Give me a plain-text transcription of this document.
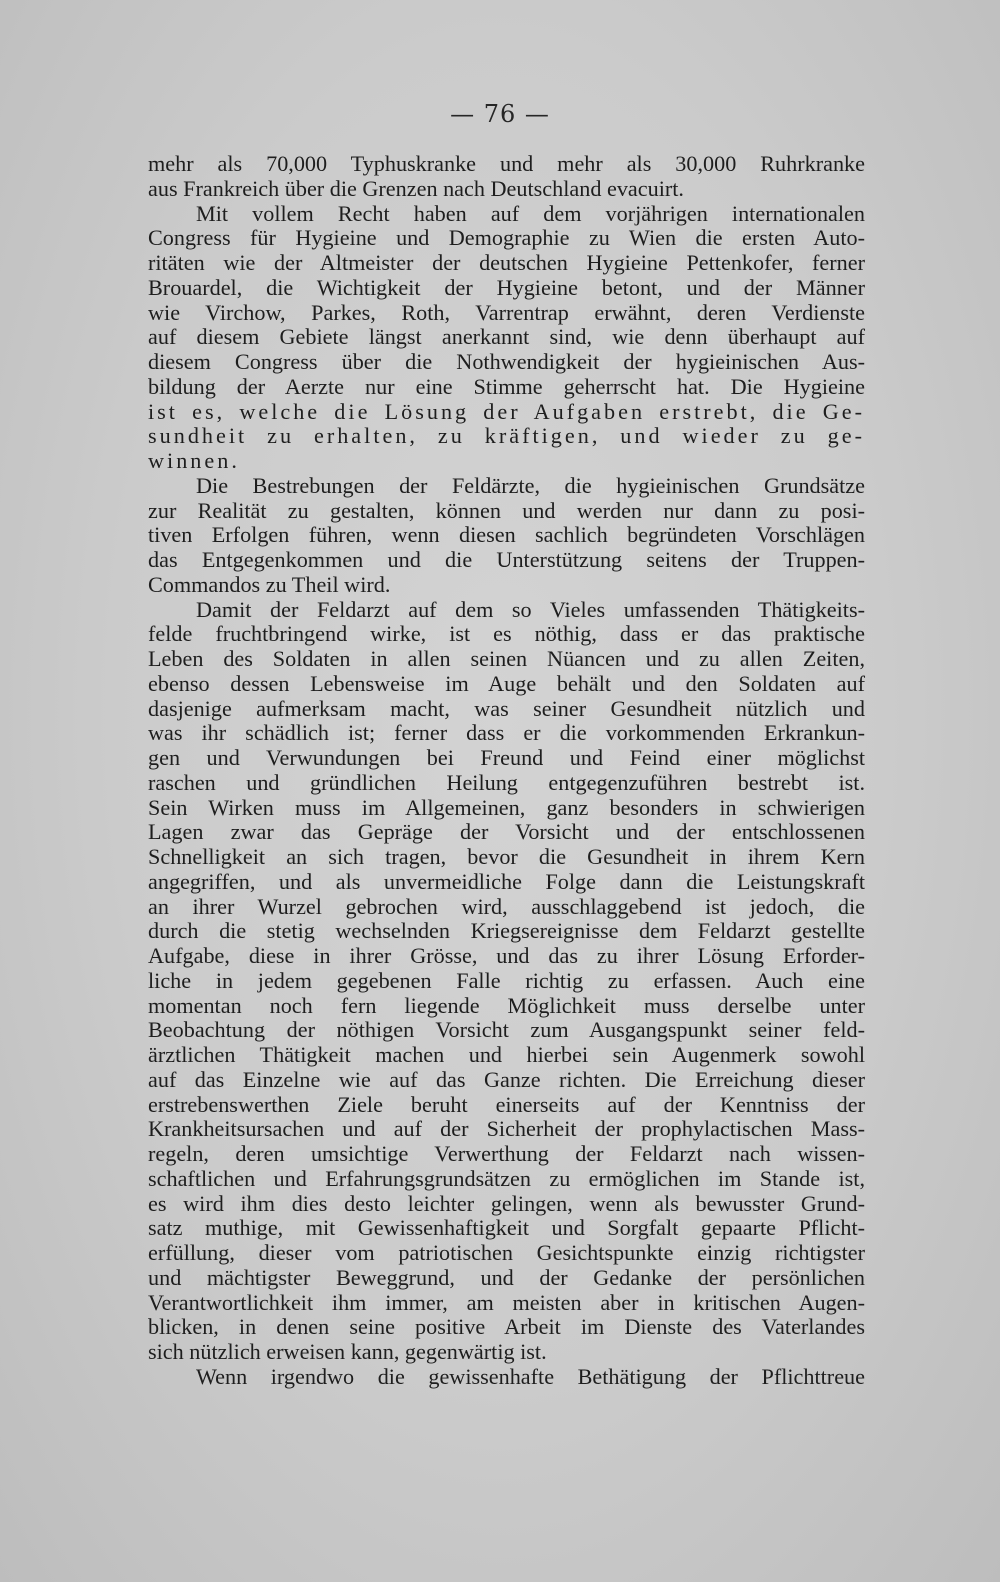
— 76 —
mehr als 70,000 Typhuskranke und mehr als 30,000 Ruhrkranke
aus Frankreich über die Grenzen nach Deutschland evacuirt.
Mit vollem Recht haben auf dem vorjährigen internationalen
Congress für Hygieine und Demographie zu Wien die ersten Auto-
ritäten wie der Altmeister der deutschen Hygieine Pettenkofer, ferner
Brouardel, die Wichtigkeit der Hygieine betont, und der Männer
wie Virchow, Parkes, Roth, Varrentrap erwähnt, deren Verdienste
auf diesem Gebiete längst anerkannt sind, wie denn überhaupt auf
diesem Congress über die Nothwendigkeit der hygieinischen Aus-
bildung der Aerzte nur eine Stimme geherrscht hat. Die Hygieine
ist es, welche die Lösung der Aufgaben erstrebt, die Ge-
sundheit zu erhalten, zu kräftigen, und wieder zu ge-
winnen.
Die Bestrebungen der Feldärzte, die hygieinischen Grundsätze
zur Realität zu gestalten, können und werden nur dann zu posi-
tiven Erfolgen führen, wenn diesen sachlich begründeten Vorschlägen
das Entgegenkommen und die Unterstützung seitens der Truppen-
Commandos zu Theil wird.
Damit der Feldarzt auf dem so Vieles umfassenden Thätigkeits-
felde fruchtbringend wirke, ist es nöthig, dass er das praktische
Leben des Soldaten in allen seinen Nüancen und zu allen Zeiten,
ebenso dessen Lebensweise im Auge behält und den Soldaten auf
dasjenige aufmerksam macht, was seiner Gesundheit nützlich und
was ihr schädlich ist; ferner dass er die vorkommenden Erkrankun-
gen und Verwundungen bei Freund und Feind einer möglichst
raschen und gründlichen Heilung entgegenzuführen bestrebt ist.
Sein Wirken muss im Allgemeinen, ganz besonders in schwierigen
Lagen zwar das Gepräge der Vorsicht und der entschlossenen
Schnelligkeit an sich tragen, bevor die Gesundheit in ihrem Kern
angegriffen, und als unvermeidliche Folge dann die Leistungskraft
an ihrer Wurzel gebrochen wird, ausschlaggebend ist jedoch, die
durch die stetig wechselnden Kriegsereignisse dem Feldarzt gestellte
Aufgabe, diese in ihrer Grösse, und das zu ihrer Lösung Erforder-
liche in jedem gegebenen Falle richtig zu erfassen. Auch eine
momentan noch fern liegende Möglichkeit muss derselbe unter
Beobachtung der nöthigen Vorsicht zum Ausgangspunkt seiner feld-
ärztlichen Thätigkeit machen und hierbei sein Augenmerk sowohl
auf das Einzelne wie auf das Ganze richten. Die Erreichung dieser
erstrebenswerthen Ziele beruht einerseits auf der Kenntniss der
Krankheitsursachen und auf der Sicherheit der prophylactischen Mass-
regeln, deren umsichtige Verwerthung der Feldarzt nach wissen-
schaftlichen und Erfahrungsgrundsätzen zu ermöglichen im Stande ist,
es wird ihm dies desto leichter gelingen, wenn als bewusster Grund-
satz muthige, mit Gewissenhaftigkeit und Sorgfalt gepaarte Pflicht-
erfüllung, dieser vom patriotischen Gesichtspunkte einzig richtigster
und mächtigster Beweggrund, und der Gedanke der persönlichen
Verantwortlichkeit ihm immer, am meisten aber in kritischen Augen-
blicken, in denen seine positive Arbeit im Dienste des Vaterlandes
sich nützlich erweisen kann, gegenwärtig ist.
Wenn irgendwo die gewissenhafte Bethätigung der Pflichttreue
